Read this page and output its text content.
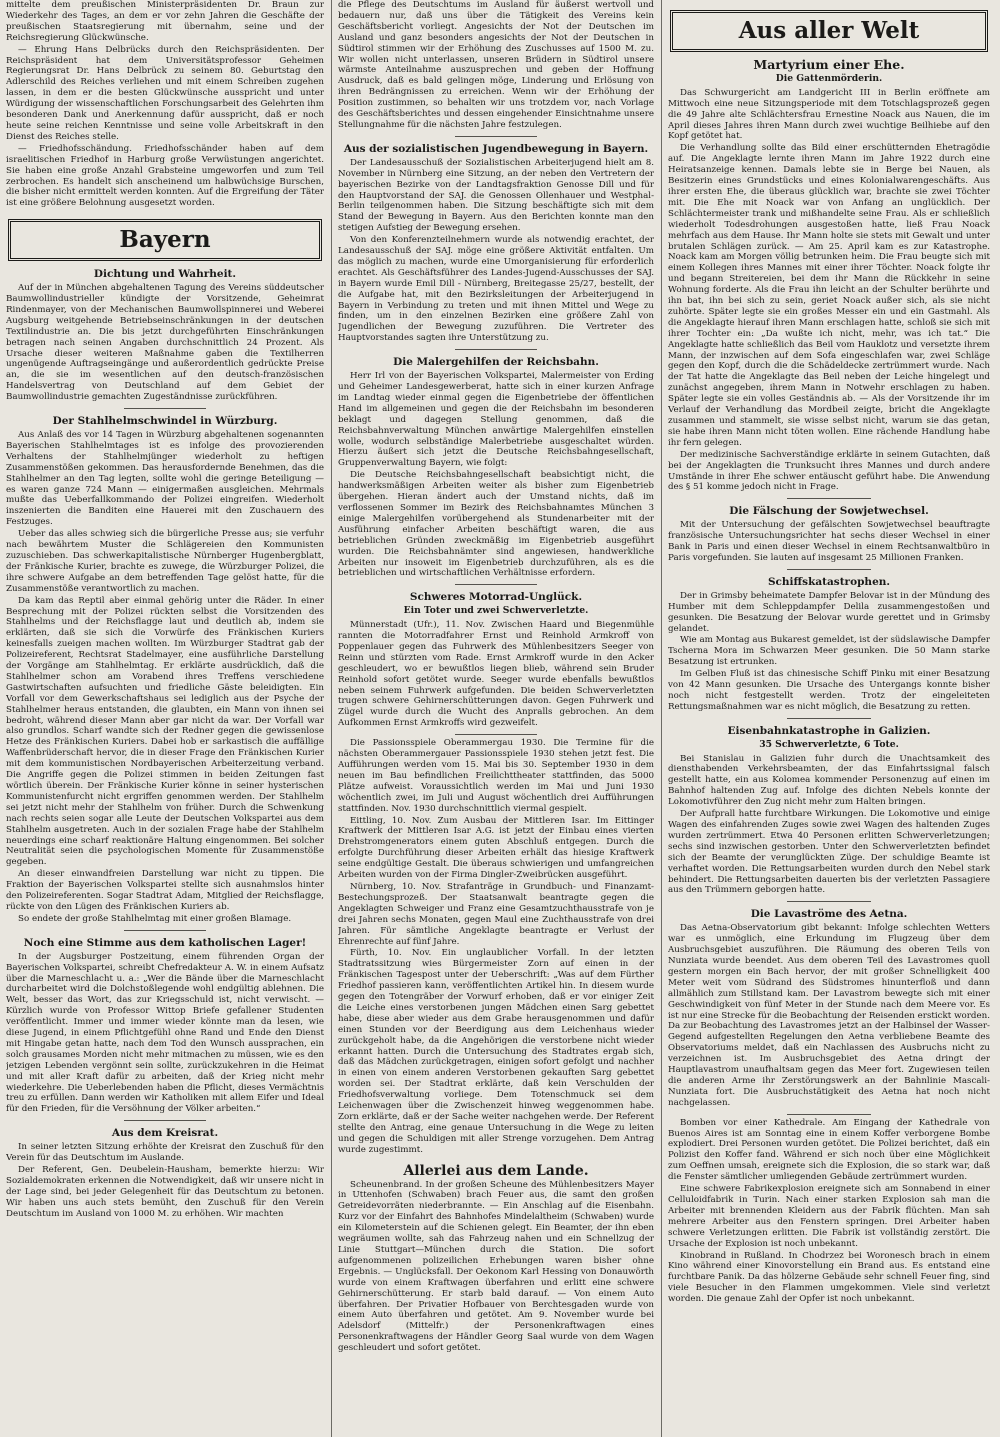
mittelte dem preußischen Ministerpräsidenten Dr. Braun zur Wiederkehr des Tages, an dem er vor zehn Jahren die Geschäfte der preußischen Staatsregierung mit übernahm, seine und der Reichsregierung Glückwünsche.

— Ehrung Hans Delbrücks durch den Reichspräsidenten. Der Reichspräsident hat dem Universitätsprofessor Geheimen Regierungsrat Dr. Hans Delbrück zu seinem 80. Geburtstag den Adlerschild des Reiches verliehen und mit einem Schreiben zugehen lassen, in dem er die besten Glückwünsche ausspricht und unter Würdigung der wissenschaftlichen Forschungsarbeit des Gelehrten ihm besonderen Dank und Anerkennung dafür ausspricht, daß er noch heute seine reichen Kenntnisse und seine volle Arbeitskraft in den Dienst des Reiches stelle.

— Friedhofsschändung. Friedhofsschänder haben auf dem israelitischen Friedhof in Harburg große Verwüstungen angerichtet. Sie haben eine große Anzahl Grabsteine umgeworfen und zum Teil zerbrochen. Es handelt sich anscheinend um halbwüchsige Burschen, die bisher nicht ermittelt werden konnten. Auf die Ergreifung der Täter ist eine größere Belohnung ausgesetzt worden.

Bayern
Dichtung und Wahrheit.

Auf der in München abgehaltenen Tagung des Vereins süddeutscher Baumwollindustrieller kündigte der Vorsitzende, Geheimrat Rindenmayer, von der Mechanischen Baumwollspinnerei und Weberei Augsburg weitgehende Betriebseinschränkungen in der deutschen Textilindustrie an. Die bis jetzt durchgeführten Einschränkungen betragen nach seinen Angaben durchschnittlich 24 Prozent. Als Ursache dieser weiteren Maßnahme gaben die Textilherren ungenügende Auftragseingänge und außerordentlich gedrückte Preise an, die sie im wesentlichen auf den deutsch-französischen Handelsvertrag von Deutschland auf dem Gebiet der Baumwollindustrie gemachten Zugeständnisse zurückführen.

Der Stahlhelmschwindel in Würzburg.

Aus Anlaß des vor 14 Tagen in Würzburg abgehaltenen sogenannten Bayerischen Stahlhelmtages ist es infolge des provozierenden Verhaltens der Stahlhelmjünger wiederholt zu heftigen Zusammenstößen gekommen. Das herausfordernde Benehmen, das die Stahlhelmer an den Tag legten, sollte wohl die geringe Beteiligung — es waren ganze 724 Mann — einigermaßen ausgleichen. Mehrmals mußte das Ueberfallkommando der Polizei eingreifen. Wiederholt inszenierten die Banditen eine Hauerei mit den Zuschauern des Festzuges.

Ueber das alles schwieg sich die bürgerliche Presse aus; sie verfuhr nach bewährtem Muster die Schlägereien den Kommunisten zuzuschieben. Das schwerkapitalistische Nürnberger Hugenbergblatt, der Fränkische Kurier, brachte es zuwege, die Würzburger Polizei, die ihre schwere Aufgabe an dem betreffenden Tage gelöst hatte, für die Zusammenstöße verantwortlich zu machen.

Da kam das Reptil aber einmal gehörig unter die Räder. In einer Besprechung mit der Polizei rückten selbst die Vorsitzenden des Stahlhelms und der Reichsflagge laut und deutlich ab, indem sie erklärten, daß sie sich die Vorwürfe des Fränkischen Kuriers keinesfalls zueigen machen wollten. Im Würzburger Stadtrat gab der Polizeireferent, Rechtsrat Stadelmayer, eine ausführliche Darstellung der Vorgänge am Stahlhelmtag. Er erklärte ausdrücklich, daß die Stahlhelmer schon am Vorabend ihres Treffens verschiedene Gastwirtschaften aufsuchten und friedliche Gäste beleidigten. Ein Vorfall vor dem Gewerkschaftshaus sei lediglich aus der Psyche der Stahlhelmer heraus entstanden, die glaubten, ein Mann von ihnen sei bedroht, während dieser Mann aber gar nicht da war. Der Vorfall war also grundlos. Scharf wandte sich der Redner gegen die gewissenlose Hetze des Fränkischen Kuriers. Dabei hob er sarkastisch die auffällige Waffenbrüderschaft hervor, die in dieser Frage den Fränkischen Kurier mit dem kommunistischen Nordbayerischen Arbeiterzeitung verband. Die Angriffe gegen die Polizei stimmen in beiden Zeitungen fast wörtlich überein. Der Fränkische Kurier könne in seiner hysterischen Kommunistenfurcht nicht ergriffen genommen werden. Der Stahlhelm sei jetzt nicht mehr der Stahlhelm von früher. Durch die Schwenkung nach rechts seien sogar alle Leute der Deutschen Volkspartei aus dem Stahlhelm ausgetreten. Auch in der sozialen Frage habe der Stahlhelm neuerdings eine scharf reaktionäre Haltung eingenommen. Bei solcher Neutralität seien die psychologischen Momente für Zusammenstöße gegeben.

An dieser einwandfreien Darstellung war nicht zu tippen. Die Fraktion der Bayerischen Volkspartei stellte sich ausnahmslos hinter den Polizeireferenten. Sogar Stadtrat Adam, Mitglied der Reichsflagge, rückte von den Lügen des Fränkischen Kuriers ab.

So endete der große Stahlhelmtag mit einer großen Blamage.

Noch eine Stimme aus dem katholischen Lager!

In der Augsburger Postzeitung, einem führenden Organ der Bayerischen Volkspartei, schreibt Chefredakteur A. W. in einem Aufsatz über die Marneschlacht u. a.: „Wer die Bände über die Marneschlacht durcharbeitet wird die Dolchstoßlegende wohl endgültig ablehnen. Die Welt, besser das Wort, das zur Kriegsschuld ist, nicht verwischt. — Kürzlich wurde von Professor Wittop Briefe gefallener Studenten veröffentlicht. Immer und immer wieder könnte man da lesen, wie diese Jugend, in einem Pflichtgefühl ohne Rand und Ende den Dienst mit Hingabe getan hatte, nach dem Tod den Wunsch aussprachen, ein solch grausames Morden nicht mehr mitmachen zu müssen, wie es den jetzigen Lebenden vergönnt sein sollte, zurückzukehren in die Heimat und mit aller Kraft dafür zu arbeiten, daß der Krieg nicht mehr wiederkehre. Die Ueberlebenden haben die Pflicht, dieses Vermächtnis treu zu erfüllen. Dann werden wir Katholiken mit allem Eifer und Ideal für den Frieden, für die Versöhnung der Völker arbeiten.“

Aus dem Kreisrat.

In seiner letzten Sitzung erhöhte der Kreisrat den Zuschuß für den Verein für das Deutschtum im Auslande.

Der Referent, Gen. Deubelein-Hausham, bemerkte hierzu: Wir Sozialdemokraten erkennen die Notwendigkeit, daß wir unsere nicht in der Lage sind, bei jeder Gelegenheit für das Deutschtum zu betonen. Wir haben uns auch stets bemüht, den Zuschuß für den Verein Deutschtum im Ausland von 1000 M. zu erhöhen. Wir machten

die Pflege des Deutschtums im Ausland für äußerst wertvoll und bedauern nur, daß uns über die Tätigkeit des Vereins kein Geschäftsbericht vorliegt. Angesichts der Not der Deutschen im Ausland und ganz besonders angesichts der Not der Deutschen in Südtirol stimmen wir der Erhöhung des Zuschusses auf 1500 M. zu. Wir wollen nicht unterlassen, unseren Brüdern in Südtirol unsere wärmste Anteilnahme auszusprechen und geben der Hoffnung Ausdruck, daß es bald gelingen möge, Linderung und Erlösung von ihren Bedrängnissen zu erreichen. Wenn wir der Erhöhung der Position zustimmen, so behalten wir uns trotzdem vor, nach Vorlage des Geschäftsberichtes und dessen eingehender Einsichtnahme unsere Stellungnahme für die nächsten Jahre festzulegen.

Aus der sozialistischen Jugendbewegung in Bayern.

Der Landesausschuß der Sozialistischen Arbeiterjugend hielt am 8. November in Nürnberg eine Sitzung, an der neben den Vertretern der bayerischen Bezirke von der Landtagsfraktion Genosse Dill und für den Hauptvorstand der SAJ. die Genossen Ollenhauer und Westphal-Berlin teilgenommen haben. Die Sitzung beschäftigte sich mit dem Stand der Bewegung in Bayern. Aus den Berichten konnte man den stetigen Aufstieg der Bewegung ersehen.

Von den Konferenzteilnehmern wurde als notwendig erachtet, der Landesausschuß der SAJ. möge eine größere Aktivität entfalten. Um das möglich zu machen, wurde eine Umorganisierung für erforderlich erachtet. Als Geschäftsführer des Landes-Jugend-Ausschusses der SAJ. in Bayern wurde Emil Dill - Nürnberg, Breitegasse 25/27, bestellt, der die Aufgabe hat, mit den Bezirksleitungen der Arbeiterjugend in Bayern in Verbindung zu treten und mit ihnen Mittel und Wege zu finden, um in den einzelnen Bezirken eine größere Zahl von Jugendlichen der Bewegung zuzuführen. Die Vertreter des Hauptvorstandes sagten ihre Unterstützung zu.

Die Malergehilfen der Reichsbahn.

Herr Irl von der Bayerischen Volkspartei, Malermeister von Erding und Geheimer Landesgewerberat, hatte sich in einer kurzen Anfrage im Landtag wieder einmal gegen die Eigenbetriebe der öffentlichen Hand im allgemeinen und gegen die der Reichsbahn im besonderen beklagt und dagegen Stellung genommen, daß die Reichsbahnverwaltung München anwärtige Malergehilfen einstellen wolle, wodurch selbständige Malerbetriebe ausgeschaltet würden. Hierzu äußert sich jetzt die Deutsche Reichsbahngesellschaft, Gruppenverwaltung Bayern, wie folgt:

Die Deutsche Reichsbahngesellschaft beabsichtigt nicht, die handwerksmäßigen Arbeiten weiter als bisher zum Eigenbetrieb übergehen. Hieran ändert auch der Umstand nichts, daß im verflossenen Sommer im Bezirk des Reichsbahnamtes München 3 einige Malergehilfen vorübergehend als Stundenarbeiter mit der Ausführung einfacher Arbeiten beschäftigt waren, die aus betrieblichen Gründen zweckmäßig im Eigenbetrieb ausgeführt wurden. Die Reichsbahnämter sind angewiesen, handwerkliche Arbeiten nur insoweit im Eigenbetrieb durchzuführen, als es die betrieblichen und wirtschaftlichen Verhältnisse erfordern.

Schweres Motorrad-Unglück.
Ein Toter und zwei Schwerverletzte.

Münnerstadt (Ufr.), 11. Nov. Zwischen Haard und Biegenmühle rannten die Motorradfahrer Ernst und Reinhold Armkroff von Poppenlauer gegen das Fuhrwerk des Mühlenbesitzers Seeger von Reinn und stürzten vom Rade. Ernst Armkroff wurde in den Acker geschleudert, wo er bewußtlos liegen blieb, während sein Bruder Reinhold sofort getötet wurde. Seeger wurde ebenfalls bewußtlos neben seinem Fuhrwerk aufgefunden. Die beiden Schwerverletzten trugen schwere Gehirnerschütterungen davon. Gegen Fuhrwerk und Zügel wurde durch die Wucht des Anpralls gebrochen. An dem Aufkommen Ernst Armkroffs wird gezweifelt.

Die Passionsspiele Oberammergau 1930. Die Termine für die nächsten Oberammergauer Passionsspiele 1930 stehen jetzt fest. Die Aufführungen werden vom 15. Mai bis 30. September 1930 in dem neuen im Bau befindlichen Freilichttheater stattfinden, das 5000 Plätze aufweist. Voraussichtlich werden im Mai und Juni 1930 wöchentlich zwei, im Juli und August wöchentlich drei Aufführungen stattfinden. Nov. 1930 durchschnittlich viermal gespielt.

Eittling, 10. Nov. Zum Ausbau der Mittleren Isar. Im Eittinger Kraftwerk der Mittleren Isar A.G. ist jetzt der Einbau eines vierten Drehstromgenerators einem guten Abschluß entgegen. Durch die erfolgte Durchführung dieser Arbeiten erhält das hiesige Kraftwerk seine endgültige Gestalt. Die überaus schwierigen und umfangreichen Arbeiten wurden von der Firma Dingler-Zweibrücken ausgeführt.

Nürnberg, 10. Nov. Strafanträge in Grundbuch- und Finanzamt-Bestechungsprozeß. Der Staatsanwalt beantragte gegen die Angeklagten Schweiger und Franz eine Gesamtzuchthausstrafe von je drei Jahren sechs Monaten, gegen Maul eine Zuchthausstrafe von drei Jahren. Für sämtliche Angeklagte beantragte er Verlust der Ehrenrechte auf fünf Jahre.

Fürth, 10. Nov. Ein unglaublicher Vorfall. In der letzten Stadtratssitzung wies Bürgermeister Zorn auf einen in der Fränkischen Tagespost unter der Ueberschrift: „Was auf dem Fürther Friedhof passieren kann, veröffentlichten Artikel hin. In diesem wurde gegen den Totengräber der Vorwurf erhoben, daß er vor einiger Zeit die Leiche eines verstorbenen jungen Mädchen einen Sarg gebettet habe, diese aber wieder aus dem Grabe herausgenommen und dafür einen Stunden vor der Beerdigung aus dem Leichenhaus wieder zurückgeholt habe, da die Angehörigen die verstorbene nicht wieder erkannt hatten. Durch die Untersuchung des Stadtrates ergab sich, daß das Mädchen zurückgetragen, einigen sofort gefolgt und nachher in einen von einem anderen Verstorbenen gekauften Sarg gebettet worden sei. Der Stadtrat erklärte, daß kein Verschulden der Friedhofsverwaltung vorliege. Dem Totenschmuck sei dem Leichenwagen über die Zwischenzeit hinweg weggenommen habe. Zorn erklärte, daß er der Sache weiter nachgehen werde. Der Referent stellte den Antrag, eine genaue Untersuchung in die Wege zu leiten und gegen die Schuldigen mit aller Strenge vorzugehen. Dem Antrag wurde zugestimmt.

Allerlei aus dem Lande.

Scheunenbrand. In der großen Scheune des Mühlenbesitzers Mayer in Uttenhofen (Schwaben) brach Feuer aus, die samt den großen Getreidevorräten niederbrannte. — Ein Anschlag auf die Eisenbahn. Kurz vor der Einfahrt des Bahnhofes Mindelaltheim (Schwaben) wurde ein Kilometerstein auf die Schienen gelegt. Ein Beamter, der ihn eben wegräumen wollte, sah das Fahrzeug nahen und ein Schnellzug der Linie Stuttgart—München durch die Station. Die sofort aufgenommenen polizeilichen Erhebungen waren bisher ohne Ergebnis. — Unglücksfall. Der Oekonom Karl Hessing von Donauwörth wurde von einem Kraftwagen überfahren und erlitt eine schwere Gehirnerschütterung. Er starb bald darauf. — Von einem Auto überfahren. Der Privatier Hofbauer von Berchtesgaden wurde von einem Auto überfahren und getötet. Am 9. November wurde bei Adelsdorf (Mittelfr.) der Personenkraftwagen eines Personenkraftwagens der Händler Georg Saal wurde von dem Wagen geschleudert und sofort getötet.

Aus aller Welt
Martyrium einer Ehe.
Die Gattenmörderin.

Das Schwurgericht am Landgericht III in Berlin eröffnete am Mittwoch eine neue Sitzungsperiode mit dem Totschlagsprozeß gegen die 49 Jahre alte Schlächtersfrau Ernestine Noack aus Nauen, die im April dieses Jahres ihren Mann durch zwei wuchtige Beilhiebe auf den Kopf getötet hat.

Die Verhandlung sollte das Bild einer erschütternden Ehetragödie auf. Die Angeklagte lernte ihren Mann im Jahre 1922 durch eine Heiratsanzeige kennen. Damals lebte sie in Berge bei Nauen, als Besitzerin eines Grundstücks und eines Kolonialwarengeschäfts. Aus ihrer ersten Ehe, die überaus glücklich war, brachte sie zwei Töchter mit. Die Ehe mit Noack war von Anfang an unglücklich. Der Schlächtermeister trank und mißhandelte seine Frau. Als er schließlich wiederholt Todesdrohungen ausgestoßen hatte, ließ Frau Noack mehrfach aus dem Hause. Ihr Mann holte sie stets mit Gewalt und unter brutalen Schlägen zurück. — Am 25. April kam es zur Katastrophe. Noack kam am Morgen völlig betrunken heim. Die Frau beugte sich mit einem Kollegen ihres Mannes mit einer ihrer Töchter. Noack folgte ihr und begann Streitereien, bei dem ihr Mann die Rückkehr in seine Wohnung forderte. Als die Frau ihn leicht an der Schulter berührte und ihn bat, ihn bei sich zu sein, geriet Noack außer sich, als sie nicht zuhörte. Später legte sie ein großes Messer ein und ein Gastmahl. Als die Angeklagte hierauf ihren Mann erschlagen hatte, schloß sie sich mit ihrer Tochter ein: „Da wußte ich nicht, mehr, was ich tat.“ Die Angeklagte hatte schließlich das Beil vom Hauklotz und versetzte ihrem Mann, der inzwischen auf dem Sofa eingeschlafen war, zwei Schläge gegen den Kopf, durch die die Schädeldecke zertrümmert wurde. Nach der Tat hatte die Angeklagte das Beil neben der Leiche hingelegt und zunächst angegeben, ihrem Mann in Notwehr erschlagen zu haben. Später legte sie ein volles Geständnis ab. — Als der Vorsitzende ihr im Verlauf der Verhandlung das Mordbeil zeigte, bricht die Angeklagte zusammen und stammelt, sie wisse selbst nicht, warum sie das getan, sie habe ihren Mann nicht töten wollen. Eine rächende Handlung habe ihr fern gelegen.

Der medizinische Sachverständige erklärte in seinem Gutachten, daß bei der Angeklagten die Trunksucht ihres Mannes und durch andere Umstände in ihrer Ehe schwer entäuscht geführt habe. Die Anwendung des § 51 komme jedoch nicht in Frage.

Die Fälschung der Sowjetwechsel.

Mit der Untersuchung der gefälschten Sowjetwechsel beauftragte französische Untersuchungsrichter hat sechs dieser Wechsel in einer Bank in Paris und einen dieser Wechsel in einem Rechtsanwaltbüro in Paris vorgefunden. Sie lauten auf insgesamt 25 Millionen Franken.

Schiffskatastrophen.

Der in Grimsby beheimatete Dampfer Belovar ist in der Mündung des Humber mit dem Schleppdampfer Delila zusammengestoßen und gesunken. Die Besatzung der Belovar wurde gerettet und in Grimsby gelandet.

Wie am Montag aus Bukarest gemeldet, ist der südslawische Dampfer Tscherna Mora im Schwarzen Meer gesunken. Die 50 Mann starke Besatzung ist ertrunken.

Im Gelben Fluß ist das chinesische Schiff Pinku mit einer Besatzung von 42 Mann gesunken. Die Ursache des Untergangs konnte bisher noch nicht festgestellt werden. Trotz der eingeleiteten Rettungsmaßnahmen war es nicht möglich, die Besatzung zu retten.

Eisenbahnkatastrophe in Galizien.
35 Schwerverletzte, 6 Tote.

Bei Stanislau in Galizien fuhr durch die Unachtsamkeit des diensthabenden Verkehrsbeamten, der das Einfahrtssignal falsch gestellt hatte, ein aus Kolomea kommender Personenzug auf einen im Bahnhof haltenden Zug auf. Infolge des dichten Nebels konnte der Lokomotivführer den Zug nicht mehr zum Halten bringen.

Der Aufprall hatte furchtbare Wirkungen. Die Lokomotive und einige Wagen des einfahrenden Zuges sowie zwei Wagen des haltenden Zuges wurden zertrümmert. Etwa 40 Personen erlitten Schwerverletzungen; sechs sind inzwischen gestorben. Unter den Schwerverletzten befindet sich der Beamte der verunglückten Züge. Der schuldige Beamte ist verhaftet worden. Die Rettungsarbeiten wurden durch den Nebel stark behindert. Die Rettungsarbeiten dauerten bis der verletzten Passagiere aus den Trümmern geborgen hatte.

Die Lavaströme des Aetna.

Das Aetna-Observatorium gibt bekannt: Infolge schlechten Wetters war es unmöglich, eine Erkundung im Flugzeug über dem Ausbruchsgebiet auszuführen. Die Räumung des oberen Teils von Nunziata wurde beendet. Aus dem oberen Teil des Lavastromes quoll gestern morgen ein Bach hervor, der mit großer Schnelligkeit 400 Meter weit vom Südrand des Südstromes hinunterfloß und dann allmählich zum Stillstand kam. Der Lavastrom bewegte sich mit einer Geschwindigkeit von fünf Meter in der Stunde nach dem Meere vor. Es ist nur eine Strecke für die Beobachtung der Reisenden erstickt worden. Da zur Beobachtung des Lavastromes jetzt an der Halbinsel der Wasser-Gegend aufgestellten Regelungen den Aetna verbliebene Beamte des Observatoriums meldet, daß ein Nachlassen des Ausbruchs nicht zu verzeichnen ist. Im Ausbruchsgebiet des Aetna dringt der Hauptlavastrom unaufhaltsam gegen das Meer fort. Zugewiesen teilen die anderen Arme ihr Zerstörungswerk an der Bahnlinie Mascali-Nunziata fort. Die Ausbruchstätigkeit des Aetna hat noch nicht nachgelassen.

Bomben vor einer Kathedrale. Am Eingang der Kathedrale von Buenos Aires ist am Sonntag eine in einem Koffer verborgene Bombe explodiert. Drei Personen wurden getötet. Die Polizei berichtet, daß ein Polizist den Koffer fand. Während er sich noch über eine Möglichkeit zum Oeffnen umsah, ereignete sich die Explosion, die so stark war, daß die Fenster sämtlicher umliegenden Gebäude zertrümmert wurden.

Eine schwere Fabrikexplosion ereignete sich am Sonnabend in einer Celluloidfabrik in Turin. Nach einer starken Explosion sah man die Arbeiter mit brennenden Kleidern aus der Fabrik flüchten. Man sah mehrere Arbeiter aus den Fenstern springen. Drei Arbeiter haben schwere Verletzungen erlitten. Die Fabrik ist vollständig zerstört. Die Ursache der Explosion ist noch unbekannt.

Kinobrand in Rußland. In Chodrzez bei Woronesch brach in einem Kino während einer Kinovorstellung ein Brand aus. Es entstand eine furchtbare Panik. Da das hölzerne Gebäude sehr schnell Feuer fing, sind viele Besucher in den Flammen umgekommen. Viele sind verletzt worden. Die genaue Zahl der Opfer ist noch unbekannt.
